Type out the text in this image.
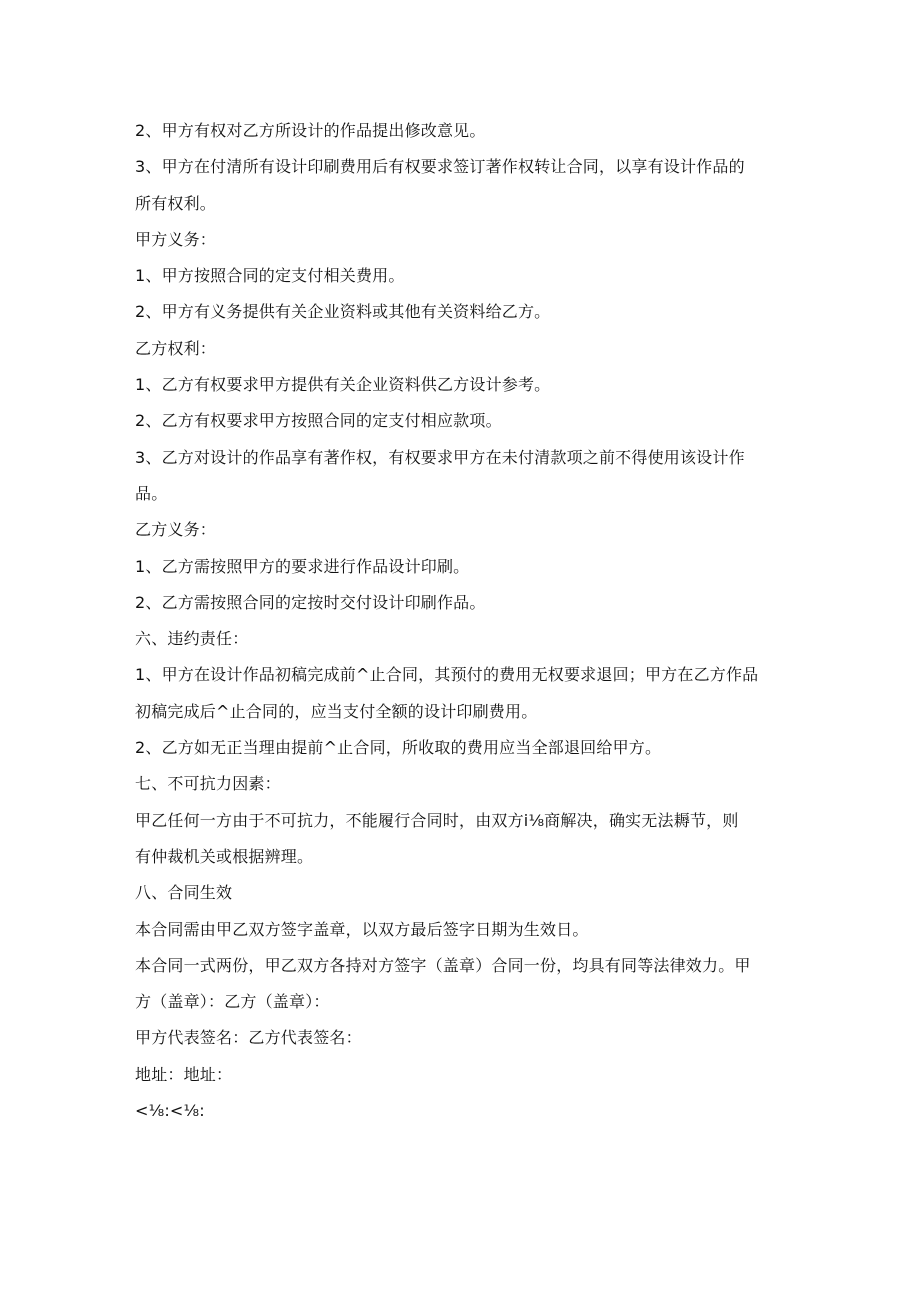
2、甲方有权对乙方所设计的作品提出修改意见。

3、甲方在付清所有设计印刷费用后有权要求签订著作权转让合同，以享有设计作品的

所有权利。

甲方义务：

1、甲方按照合同的定支付相关费用。

2、甲方有义务提供有关企业资料或其他有关资料给乙方。

乙方权利：

1、乙方有权要求甲方提供有关企业资料供乙方设计参考。

2、乙方有权要求甲方按照合同的定支付相应款项。

3、乙方对设计的作品享有著作权，有权要求甲方在未付清款项之前不得使用该设计作

品。

乙方义务：

1、乙方需按照甲方的要求进行作品设计印刷。

2、乙方需按照合同的定按时交付设计印刷作品。

六、违约责任：

1、甲方在设计作品初稿完成前^止合同，其预付的费用无权要求退回；甲方在乙方作品

初稿完成后^止合同的，应当支付全额的设计印刷费用。

2、乙方如无正当理由提前^止合同，所收取的费用应当全部退回给甲方。

七、不可抗力因素：

甲乙任何一方由于不可抗力，不能履行合同时，由双方i⅛商解决，确实无法耨节，则

有仲裁机关或根据辨理。

八、合同生效

本合同需由甲乙双方签字盖章，以双方最后签字日期为生效日。

本合同一式两份，甲乙双方各持对方签字（盖章）合同一份，均具有同等法律效力。甲

方（盖章）：乙方（盖章）：

甲方代表签名：乙方代表签名：

地址：地址：

<⅛:<⅛:
